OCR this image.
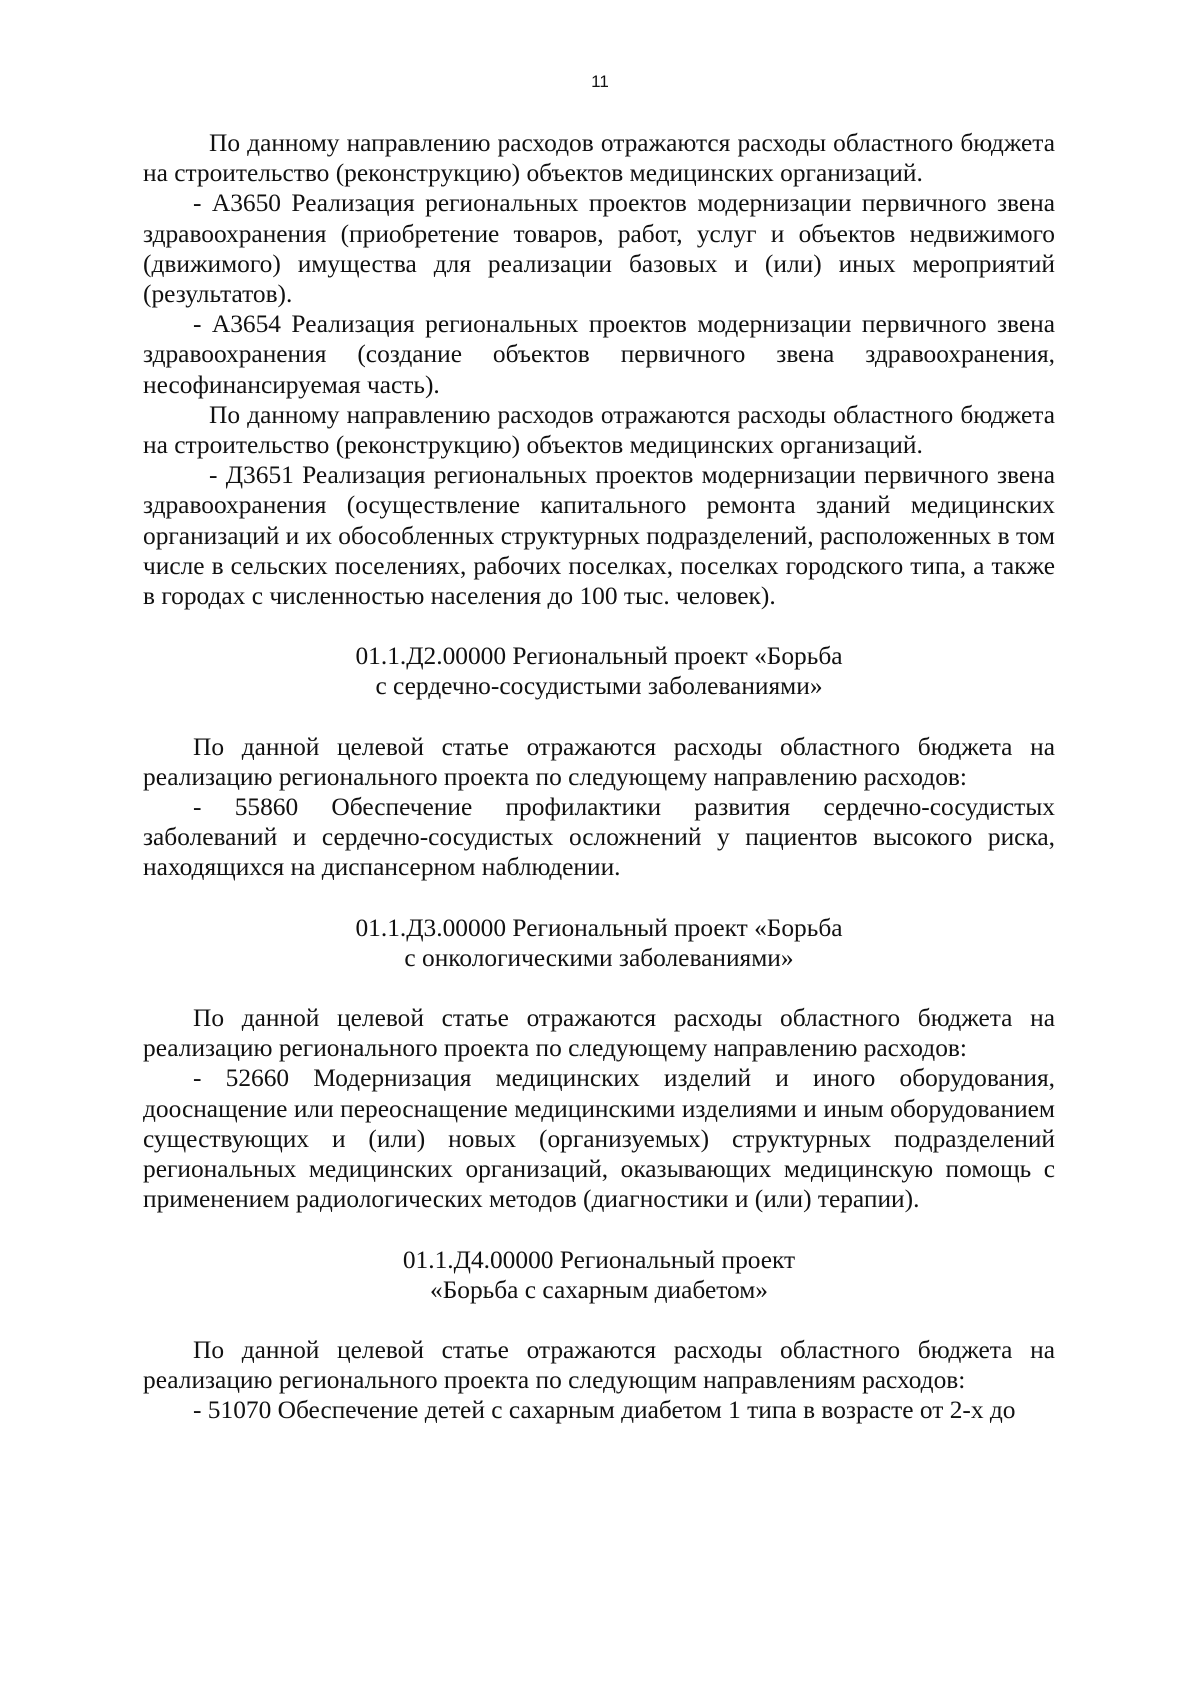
11

По данному направлению расходов отражаются расходы областного бюджета на строительство (реконструкцию) объектов медицинских организаций.

- А3650 Реализация региональных проектов модернизации первичного звена здравоохранения (приобретение товаров, работ, услуг и объектов недвижимого (движимого) имущества для реализации базовых и (или) иных мероприятий (результатов).

- А3654 Реализация региональных проектов модернизации первичного звена здравоохранения (создание объектов первичного звена здравоохранения, несофинансируемая часть).

По данному направлению расходов отражаются расходы областного бюджета на строительство (реконструкцию) объектов медицинских организаций.

- Д3651 Реализация региональных проектов модернизации первичного звена здравоохранения (осуществление капитального ремонта зданий медицинских организаций и их обособленных структурных подразделений, расположенных в том числе в сельских поселениях, рабочих поселках, поселках городского типа, а также в городах с численностью населения до 100 тыс. человек).

01.1.Д2.00000 Региональный проект «Борьба

с сердечно-сосудистыми заболеваниями»

По данной целевой статье отражаются расходы областного бюджета на реализацию регионального проекта по следующему направлению расходов:

- 55860 Обеспечение профилактики развития сердечно-сосудистых заболеваний и сердечно-сосудистых осложнений у пациентов высокого риска, находящихся на диспансерном наблюдении.

01.1.Д3.00000 Региональный проект «Борьба

с онкологическими заболеваниями»

По данной целевой статье отражаются расходы областного бюджета на реализацию регионального проекта по следующему направлению расходов:

- 52660 Модернизация медицинских изделий и иного оборудования, дооснащение или переоснащение медицинскими изделиями и иным оборудованием существующих и (или) новых (организуемых) структурных подразделений региональных медицинских организаций, оказывающих медицинскую помощь с применением радиологических методов (диагностики и (или) терапии).

01.1.Д4.00000 Региональный проект

«Борьба с сахарным диабетом»

По данной целевой статье отражаются расходы областного бюджета на реализацию регионального проекта по следующим направлениям расходов:

- 51070 Обеспечение детей с сахарным диабетом 1 типа в возрасте от 2-х до
